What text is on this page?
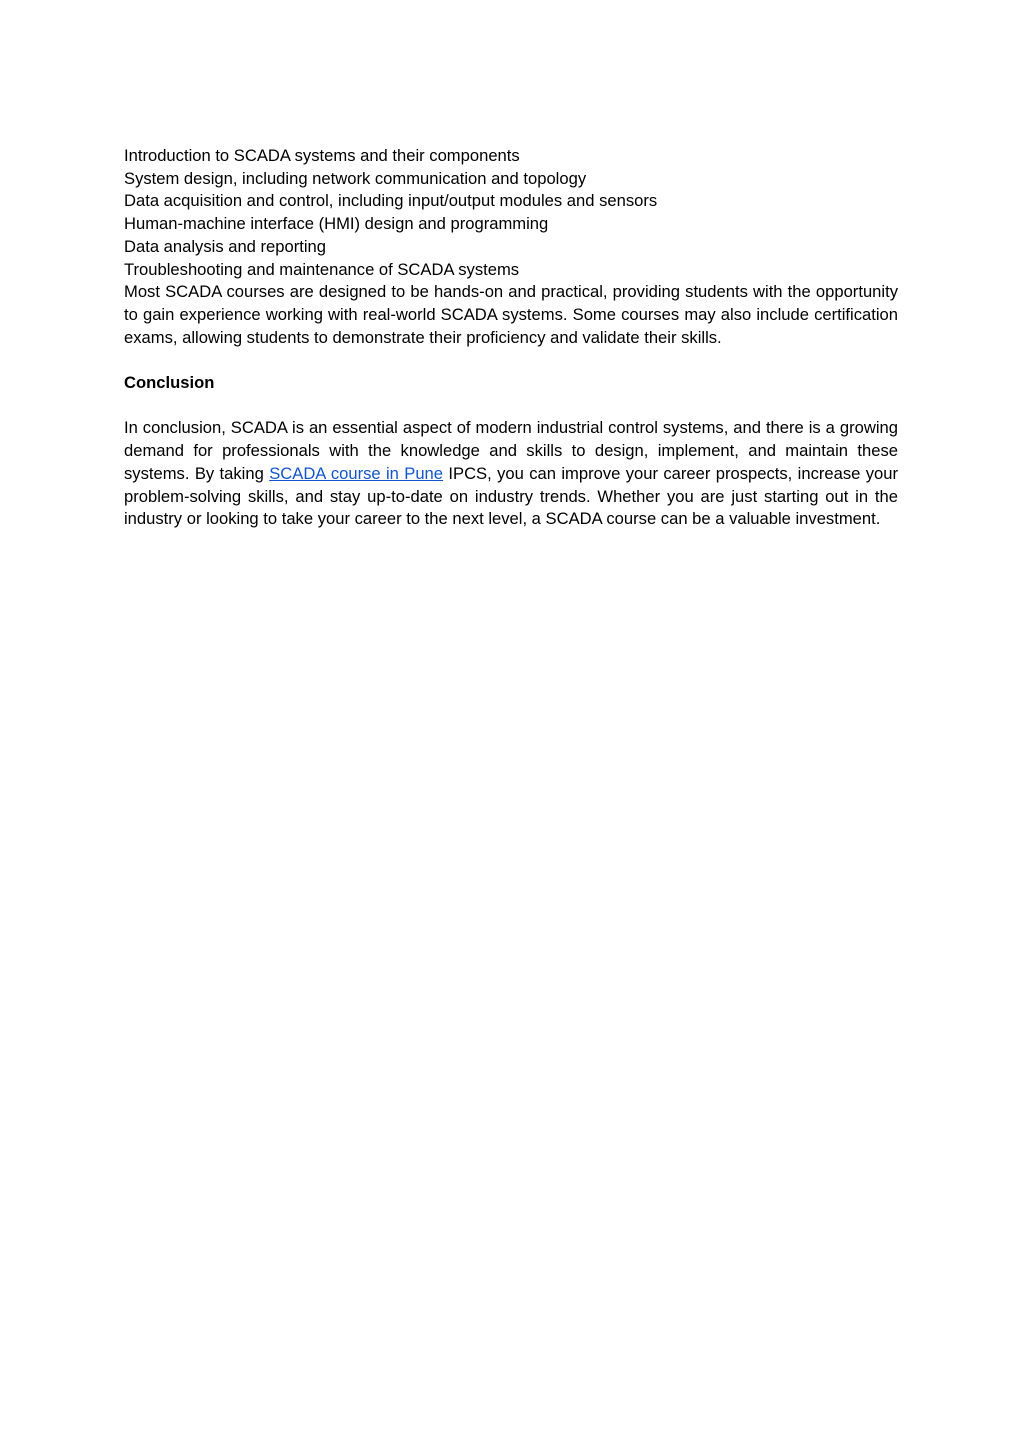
Introduction to SCADA systems and their components
System design, including network communication and topology
Data acquisition and control, including input/output modules and sensors
Human-machine interface (HMI) design and programming
Data analysis and reporting
Troubleshooting and maintenance of SCADA systems

Most SCADA courses are designed to be hands-on and practical, providing students with the opportunity to gain experience working with real-world SCADA systems. Some courses may also include certification exams, allowing students to demonstrate their proficiency and validate their skills.

Conclusion

In conclusion, SCADA is an essential aspect of modern industrial control systems, and there is a growing demand for professionals with the knowledge and skills to design, implement, and maintain these systems. By taking SCADA course in Pune IPCS, you can improve your career prospects, increase your problem-solving skills, and stay up-to-date on industry trends. Whether you are just starting out in the industry or looking to take your career to the next level, a SCADA course can be a valuable investment.
